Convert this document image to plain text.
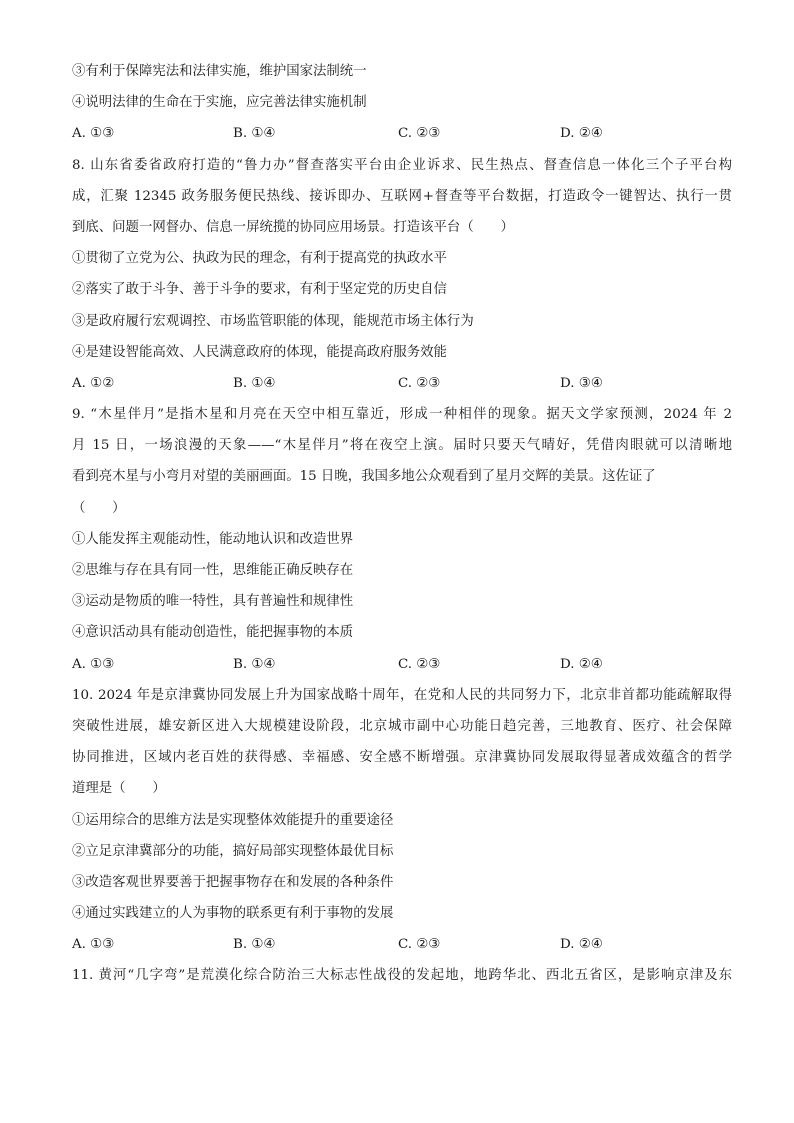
③有利于保障宪法和法律实施，维护国家法制统一
④说明法律的生命在于实施，应完善法律实施机制
A. ①③	B. ①④	C. ②③	D. ②④
8. 山东省委省政府打造的“鲁力办”督查落实平台由企业诉求、民生热点、督查信息一体化三个子平台构
成，汇聚 12345 政务服务便民热线、接诉即办、互联网+督查等平台数据，打造政令一键智达、执行一贯
到底、问题一网督办、信息一屏统揽的协同应用场景。打造该平台（　　）
①贯彻了立党为公、执政为民的理念，有利于提高党的执政水平
②落实了敢于斗争、善于斗争的要求，有利于坚定党的历史自信
③是政府履行宏观调控、市场监管职能的体现，能规范市场主体行为
④是建设智能高效、人民满意政府的体现，能提高政府服务效能
A. ①②	B. ①④	C. ②③	D. ③④
9. “木星伴月”是指木星和月亮在天空中相互靠近，形成一种相伴的现象。据天文学家预测，2024 年 2
月 15 日，一场浪漫的天象——“木星伴月”将在夜空上演。届时只要天气晴好，凭借肉眼就可以清晰地
看到亮木星与小弯月对望的美丽画面。15 日晚，我国多地公众观看到了星月交辉的美景。这佐证了
（　　）
①人能发挥主观能动性，能动地认识和改造世界
②思维与存在具有同一性，思维能正确反映存在
③运动是物质的唯一特性，具有普遍性和规律性
④意识活动具有能动创造性，能把握事物的本质
A. ①③	B. ①④	C. ②③	D. ②④
10. 2024 年是京津冀协同发展上升为国家战略十周年，在党和人民的共同努力下，北京非首都功能疏解取得
突破性进展，雄安新区进入大规模建设阶段，北京城市副中心功能日趋完善，三地教育、医疗、社会保障
协同推进，区域内老百姓的获得感、幸福感、安全感不断增强。京津冀协同发展取得显著成效蕴含的哲学
道理是（　　）
①运用综合的思维方法是实现整体效能提升的重要途径
②立足京津冀部分的功能，搞好局部实现整体最优目标
③改造客观世界要善于把握事物存在和发展的各种条件
④通过实践建立的人为事物的联系更有利于事物的发展
A. ①③	B. ①④	C. ②③	D. ②④
11. 黄河“几字弯”是荒漠化综合防治三大标志性战役的发起地，地跨华北、西北五省区，是影响京津及东
